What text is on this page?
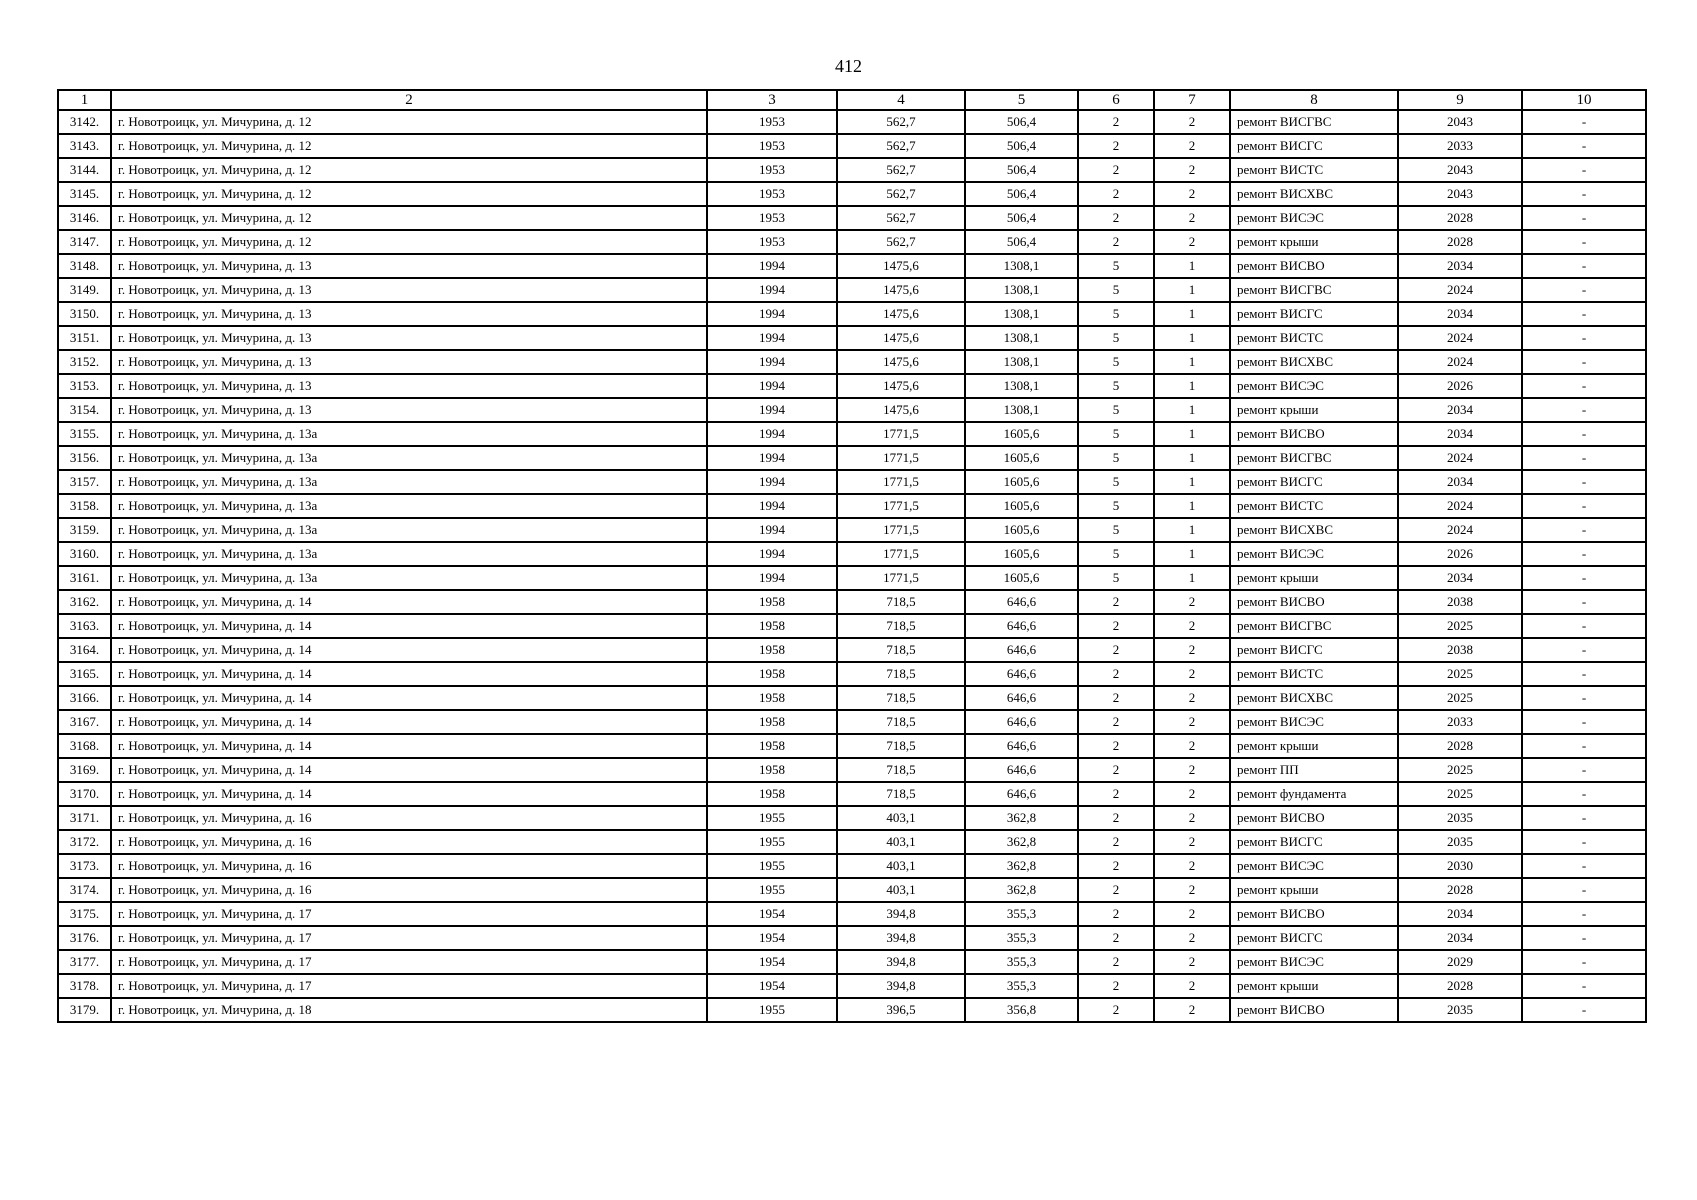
412
1	2	3	4	5	6	7	8	9	10
3142.	г. Новотроицк, ул. Мичурина, д. 12	1953	562,7	506,4	2	2	ремонт ВИСГВС	2043	-
3143.	г. Новотроицк, ул. Мичурина, д. 12	1953	562,7	506,4	2	2	ремонт ВИСГС	2033	-
3144.	г. Новотроицк, ул. Мичурина, д. 12	1953	562,7	506,4	2	2	ремонт ВИСТС	2043	-
3145.	г. Новотроицк, ул. Мичурина, д. 12	1953	562,7	506,4	2	2	ремонт ВИСХВС	2043	-
3146.	г. Новотроицк, ул. Мичурина, д. 12	1953	562,7	506,4	2	2	ремонт ВИСЭС	2028	-
3147.	г. Новотроицк, ул. Мичурина, д. 12	1953	562,7	506,4	2	2	ремонт крыши	2028	-
3148.	г. Новотроицк, ул. Мичурина, д. 13	1994	1475,6	1308,1	5	1	ремонт ВИСВО	2034	-
3149.	г. Новотроицк, ул. Мичурина, д. 13	1994	1475,6	1308,1	5	1	ремонт ВИСГВС	2024	-
3150.	г. Новотроицк, ул. Мичурина, д. 13	1994	1475,6	1308,1	5	1	ремонт ВИСГС	2034	-
3151.	г. Новотроицк, ул. Мичурина, д. 13	1994	1475,6	1308,1	5	1	ремонт ВИСТС	2024	-
3152.	г. Новотроицк, ул. Мичурина, д. 13	1994	1475,6	1308,1	5	1	ремонт ВИСХВС	2024	-
3153.	г. Новотроицк, ул. Мичурина, д. 13	1994	1475,6	1308,1	5	1	ремонт ВИСЭС	2026	-
3154.	г. Новотроицк, ул. Мичурина, д. 13	1994	1475,6	1308,1	5	1	ремонт крыши	2034	-
3155.	г. Новотроицк, ул. Мичурина, д. 13а	1994	1771,5	1605,6	5	1	ремонт ВИСВО	2034	-
3156.	г. Новотроицк, ул. Мичурина, д. 13а	1994	1771,5	1605,6	5	1	ремонт ВИСГВС	2024	-
3157.	г. Новотроицк, ул. Мичурина, д. 13а	1994	1771,5	1605,6	5	1	ремонт ВИСГС	2034	-
3158.	г. Новотроицк, ул. Мичурина, д. 13а	1994	1771,5	1605,6	5	1	ремонт ВИСТС	2024	-
3159.	г. Новотроицк, ул. Мичурина, д. 13а	1994	1771,5	1605,6	5	1	ремонт ВИСХВС	2024	-
3160.	г. Новотроицк, ул. Мичурина, д. 13а	1994	1771,5	1605,6	5	1	ремонт ВИСЭС	2026	-
3161.	г. Новотроицк, ул. Мичурина, д. 13а	1994	1771,5	1605,6	5	1	ремонт крыши	2034	-
3162.	г. Новотроицк, ул. Мичурина, д. 14	1958	718,5	646,6	2	2	ремонт ВИСВО	2038	-
3163.	г. Новотроицк, ул. Мичурина, д. 14	1958	718,5	646,6	2	2	ремонт ВИСГВС	2025	-
3164.	г. Новотроицк, ул. Мичурина, д. 14	1958	718,5	646,6	2	2	ремонт ВИСГС	2038	-
3165.	г. Новотроицк, ул. Мичурина, д. 14	1958	718,5	646,6	2	2	ремонт ВИСТС	2025	-
3166.	г. Новотроицк, ул. Мичурина, д. 14	1958	718,5	646,6	2	2	ремонт ВИСХВС	2025	-
3167.	г. Новотроицк, ул. Мичурина, д. 14	1958	718,5	646,6	2	2	ремонт ВИСЭС	2033	-
3168.	г. Новотроицк, ул. Мичурина, д. 14	1958	718,5	646,6	2	2	ремонт крыши	2028	-
3169.	г. Новотроицк, ул. Мичурина, д. 14	1958	718,5	646,6	2	2	ремонт ПП	2025	-
3170.	г. Новотроицк, ул. Мичурина, д. 14	1958	718,5	646,6	2	2	ремонт фундамента	2025	-
3171.	г. Новотроицк, ул. Мичурина, д. 16	1955	403,1	362,8	2	2	ремонт ВИСВО	2035	-
3172.	г. Новотроицк, ул. Мичурина, д. 16	1955	403,1	362,8	2	2	ремонт ВИСГС	2035	-
3173.	г. Новотроицк, ул. Мичурина, д. 16	1955	403,1	362,8	2	2	ремонт ВИСЭС	2030	-
3174.	г. Новотроицк, ул. Мичурина, д. 16	1955	403,1	362,8	2	2	ремонт крыши	2028	-
3175.	г. Новотроицк, ул. Мичурина, д. 17	1954	394,8	355,3	2	2	ремонт ВИСВО	2034	-
3176.	г. Новотроицк, ул. Мичурина, д. 17	1954	394,8	355,3	2	2	ремонт ВИСГС	2034	-
3177.	г. Новотроицк, ул. Мичурина, д. 17	1954	394,8	355,3	2	2	ремонт ВИСЭС	2029	-
3178.	г. Новотроицк, ул. Мичурина, д. 17	1954	394,8	355,3	2	2	ремонт крыши	2028	-
3179.	г. Новотроицк, ул. Мичурина, д. 18	1955	396,5	356,8	2	2	ремонт ВИСВО	2035	-
